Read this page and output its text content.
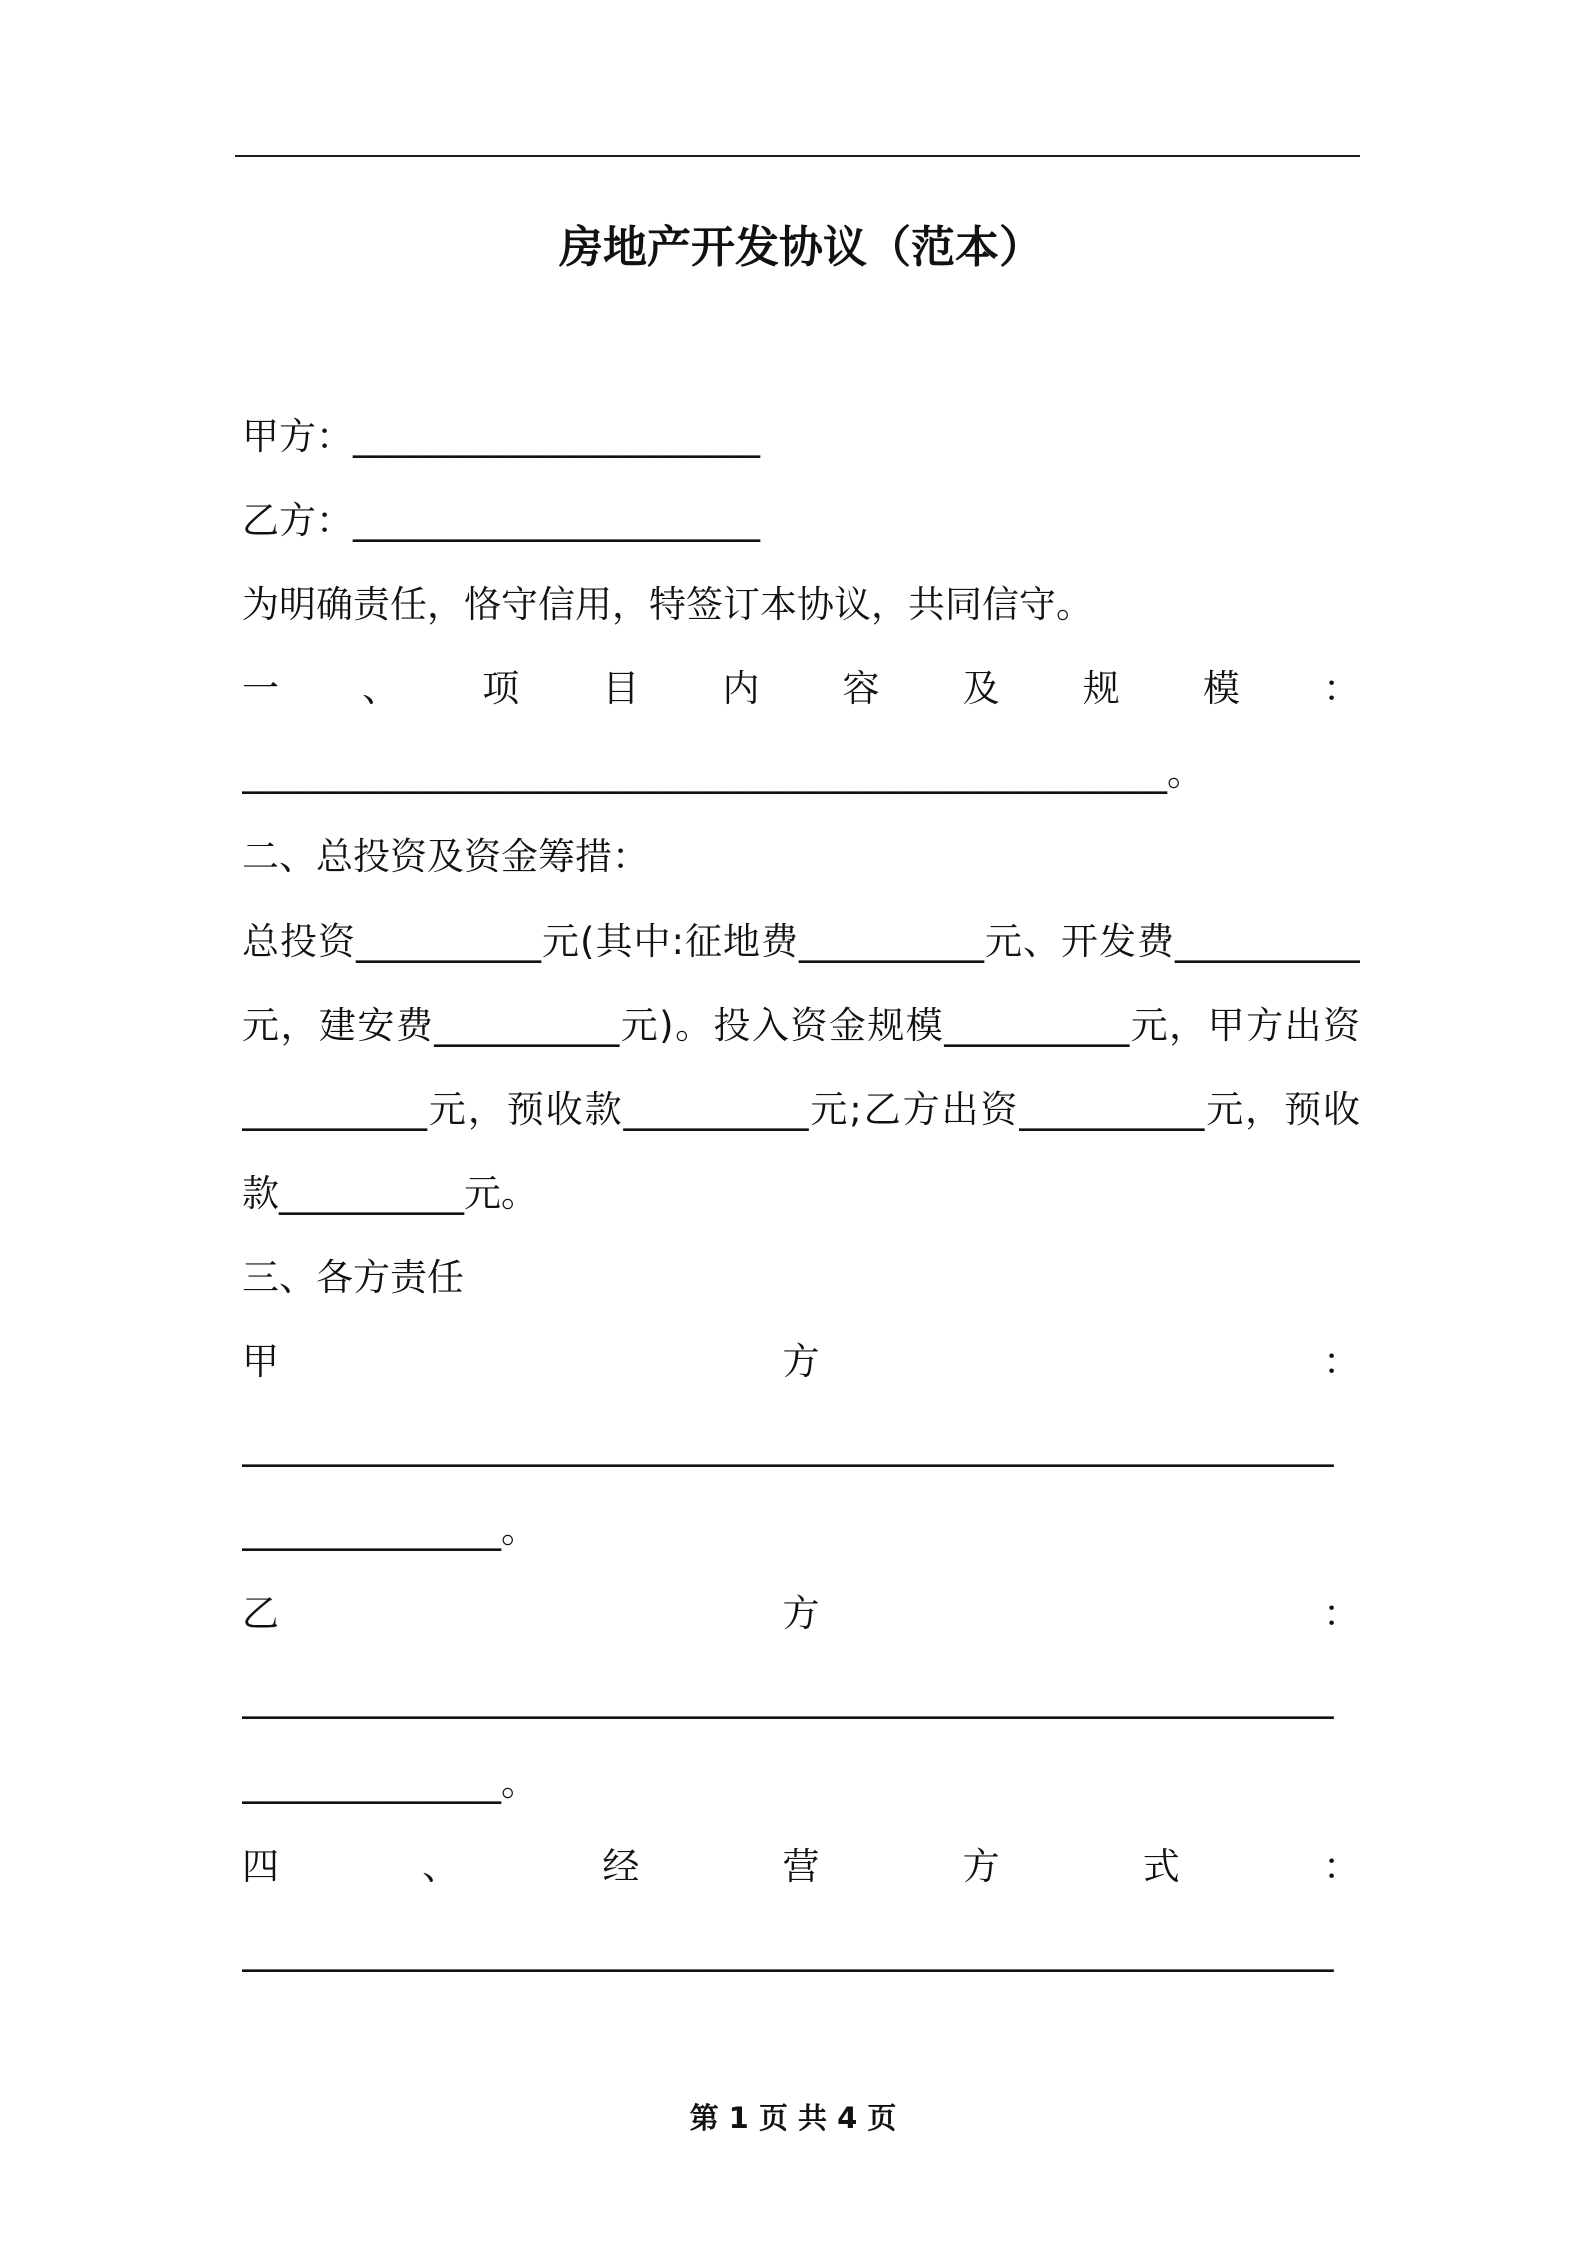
房地产开发协议（范本）
甲方：______________________
乙方：______________________
为明确责任，恪守信用，特签订本协议，共同信守。
一 、 项 目 内 容 及 规 模 ：
__________________________________________________。
二、总投资及资金筹措：
总投资__________元(其中:征地费__________元、开发费__________
元，建安费__________元)。投入资金规模__________元，甲方出资
__________元，预收款__________元;乙方出资__________元，预收
款__________元。
三、各方责任
甲	方	：
___________________________________________________________
______________。
乙	方	：
___________________________________________________________
______________。
四	、	经	营	方	式	：
___________________________________________________________
第 1 页 共 4 页
